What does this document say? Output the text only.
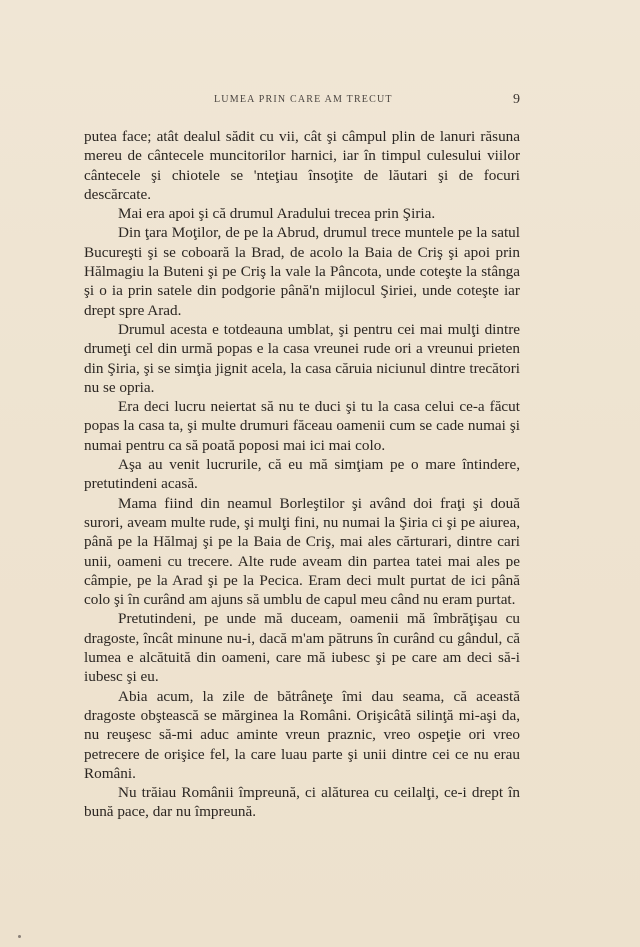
LUMEA PRIN CARE AM TRECUT	9

putea face; atât dealul sădit cu vii, cât şi câmpul plin de lanuri răsuna mereu de cântecele muncitorilor harnici, iar în timpul culesului viilor cântecele şi chiotele se 'nteţiau însoţite de lăutari şi de focuri descărcate.

Mai era apoi şi că drumul Aradului trecea prin Şiria.

Din ţara Moţilor, de pe la Abrud, drumul trece muntele pe la satul Bucureşti şi se coboară la Brad, de acolo la Baia de Criş şi apoi prin Hălmagiu la Buteni şi pe Criş la vale la Pâncota, unde coteşte la stânga şi o ia prin satele din podgorie până'n mijlocul Şiriei, unde coteşte iar drept spre Arad.

Drumul acesta e totdeauna umblat, şi pentru cei mai mulţi dintre drumeţi cel din urmă popas e la casa vreunei rude ori a vreunui prieten din Şiria, şi se simţia jignit acela, la casa căruia niciunul dintre trecători nu se opria.

Era deci lucru neiertat să nu te duci şi tu la casa celui ce-a făcut popas la casa ta, şi multe drumuri făceau oamenii cum se cade numai şi numai pentru ca să poată poposi mai ici mai colo.

Aşa au venit lucrurile, că eu mă simţiam pe o mare întindere, pretutindeni acasă.

Mama fiind din neamul Borleştilor şi având doi fraţi şi două surori, aveam multe rude, şi mulţi fini, nu numai la Şiria ci şi pe aiurea, până pe la Hălmaj şi pe la Baia de Criş, mai ales cărturari, dintre cari unii, oameni cu trecere. Alte rude aveam din partea tatei mai ales pe câmpie, pe la Arad şi pe la Pecica. Eram deci mult purtat de ici până colo şi în curând am ajuns să umblu de capul meu când nu eram purtat.

Pretutindeni, pe unde mă duceam, oamenii mă îmbrăţişau cu dragoste, încât minune nu-i, dacă m'am pătruns în curând cu gândul, că lumea e alcătuită din oameni, care mă iubesc şi pe care am deci să-i iubesc şi eu.

Abia acum, la zile de bătrâneţe îmi dau seama, că această dragoste obştească se mărginea la Români. Orişicâtă silinţă mi-aşi da, nu reuşesc să-mi aduc aminte vreun praznic, vreo ospeţie ori vreo petrecere de orişice fel, la care luau parte şi unii dintre cei ce nu erau Români.

Nu trăiau Românii împreună, ci alăturea cu ceilalţi, ce-i drept în bună pace, dar nu împreună.
